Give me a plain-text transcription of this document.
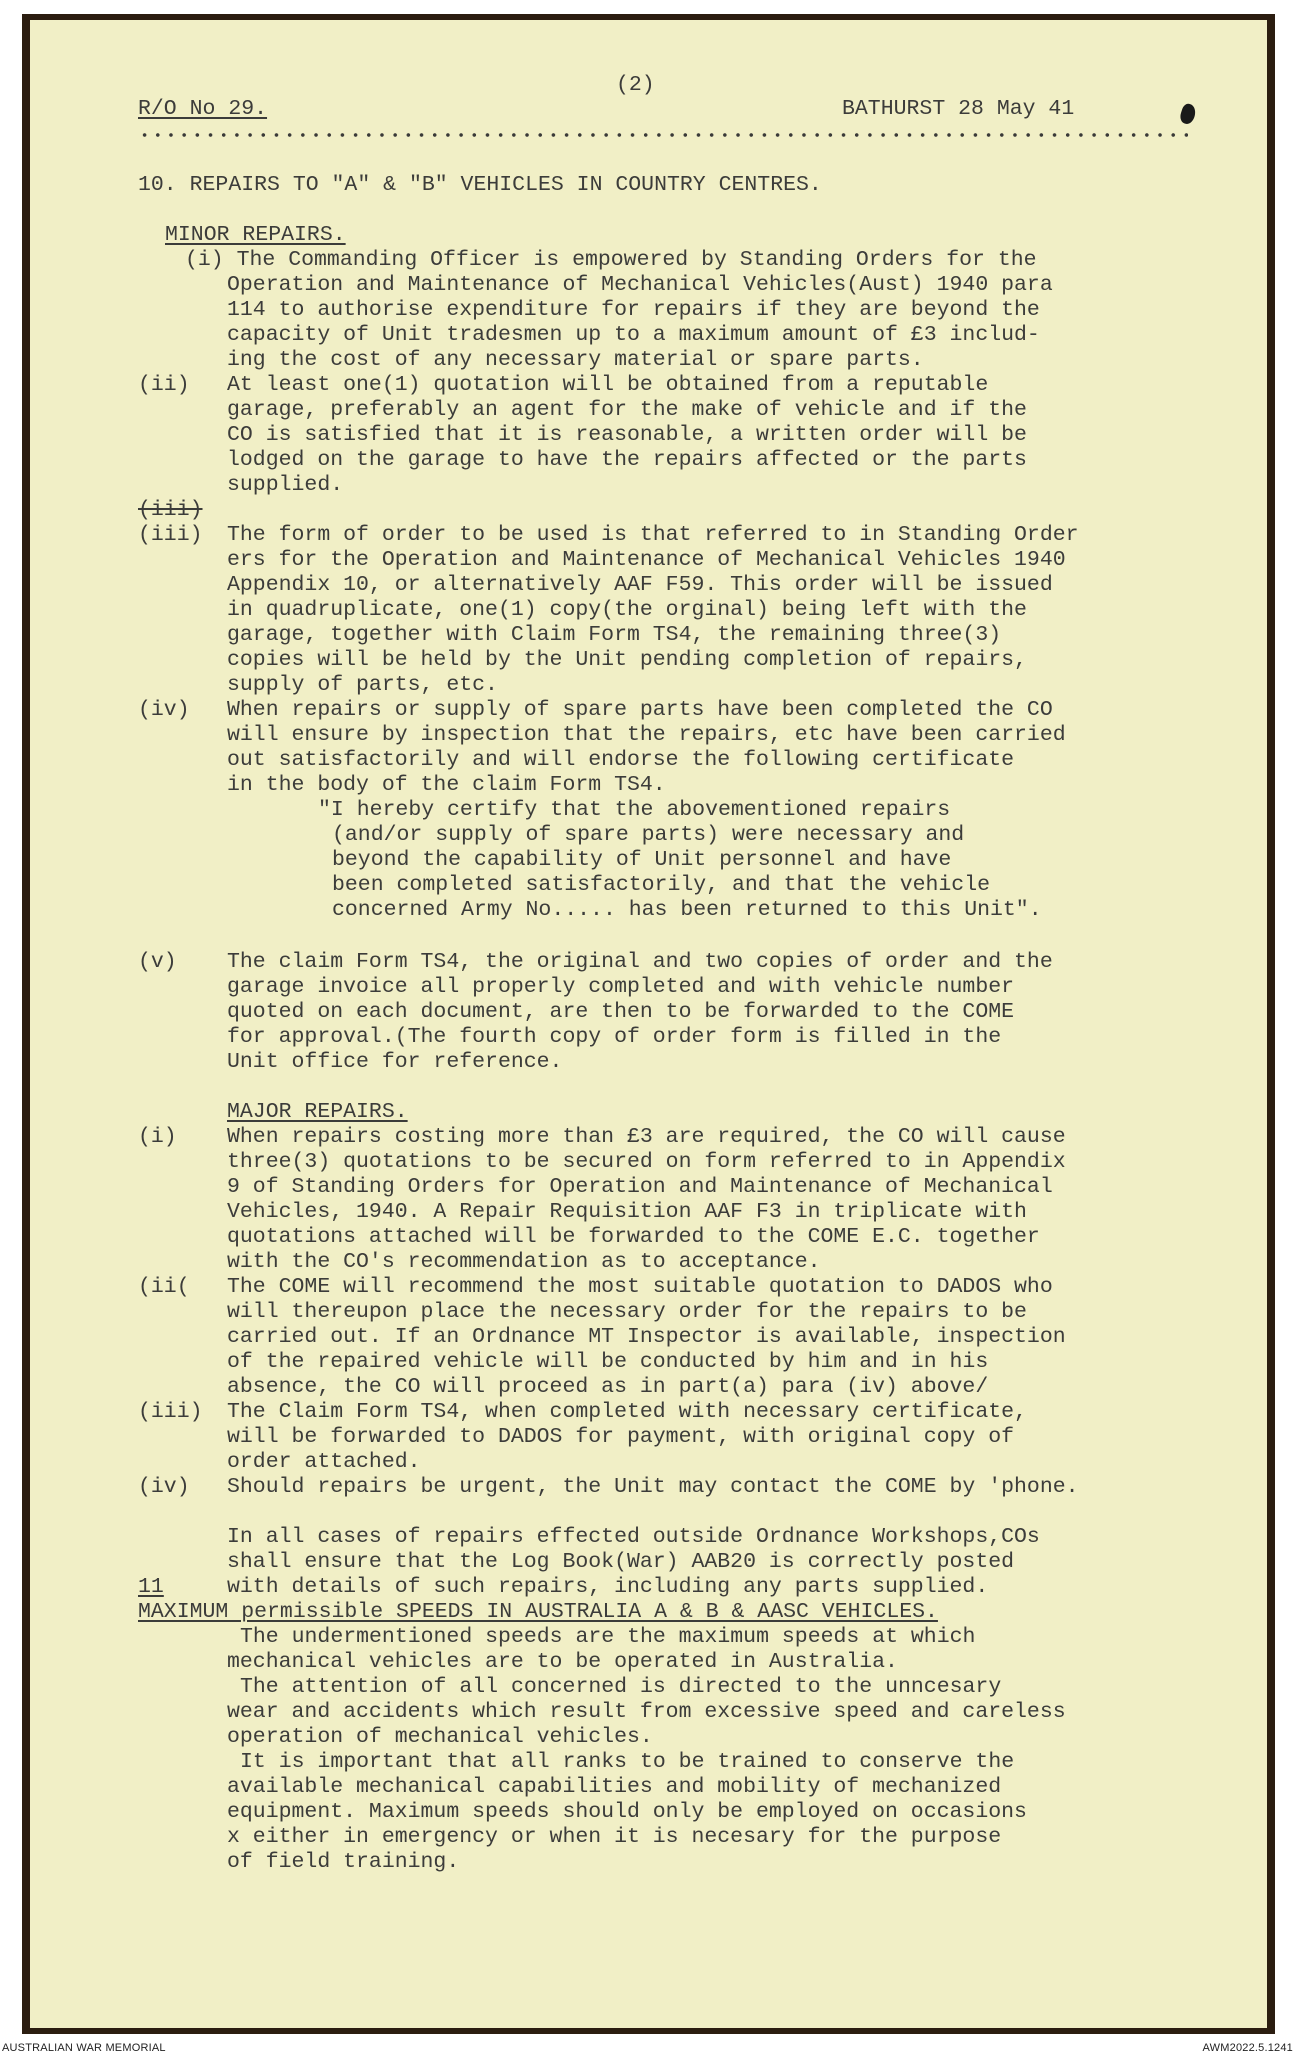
(2)
R/O No 29.	BATHURST 28 May 41
10. REPAIRS TO "A" & "B" VEHICLES IN COUNTRY CENTRES.
MINOR REPAIRS.
(i) The Commanding Officer is empowered by Standing Orders for the
Operation and Maintenance of Mechanical Vehicles(Aust) 1940 para
114 to authorise expenditure for repairs if they are beyond the
capacity of Unit tradesmen up to a maximum amount of £3 includ-
ing the cost of any necessary material or spare parts.
(ii) At least one(1) quotation will be obtained from a reputable
garage, preferably an agent for the make of vehicle and if the
CO is satisfied that it is reasonable, a written order will be
lodged on the garage to have the repairs affected or the parts
supplied.
(iii)
(iii) The form of order to be used is that referred to in Standing Order
ers for the Operation and Maintenance of Mechanical Vehicles 1940
Appendix 10, or alternatively AAF F59. This order will be issued
in quadruplicate, one(1) copy(the orginal) being left with the
garage, together with Claim Form TS4, the remaining three(3)
copies will be held by the Unit pending completion of repairs,
supply of parts, etc.
(iv) When repairs or supply of spare parts have been completed the CO
will ensure by inspection that the repairs, etc have been carried
out satisfactorily and will endorse the following certificate
in the body of the claim Form TS4.
"I hereby certify that the abovementioned repairs
(and/or supply of spare parts) were necessary and
beyond the capability of Unit personnel and have
been completed satisfactorily, and that the vehicle
concerned Army No..... has been returned to this Unit".
(v) The claim Form TS4, the original and two copies of order and the
garage invoice all properly completed and with vehicle number
quoted on each document, are then to be forwarded to the COME
for approval.(The fourth copy of order form is filled in the
Unit office for reference.
MAJOR REPAIRS.
(i) When repairs costing more than £3 are required, the CO will cause
three(3) quotations to be secured on form referred to in Appendix
9 of Standing Orders for Operation and Maintenance of Mechanical
Vehicles, 1940. A Repair Requisition AAF F3 in triplicate with
quotations attached will be forwarded to the COME E.C. together
with the CO's recommendation as to acceptance.
(ii( The COME will recommend the most suitable quotation to DADOS who
will thereupon place the necessary order for the repairs to be
carried out. If an Ordnance MT Inspector is available, inspection
of the repaired vehicle will be conducted by him and in his
absence, the CO will proceed as in part(a) para (iv) above/
(iii) The Claim Form TS4, when completed with necessary certificate,
will be forwarded to DADOS for payment, with original copy of
order attached.
(iv) Should repairs be urgent, the Unit may contact the COME by 'phone.
In all cases of repairs effected outside Ordnance Workshops,COs
shall ensure that the Log Book(War) AAB20 is correctly posted
11	with details of such repairs, including any parts supplied.
MAXIMUM permissible SPEEDS IN AUSTRALIA A & B & AASC VEHICLES.
The undermentioned speeds are the maximum speeds at which
mechanical vehicles are to be operated in Australia.
The attention of all concerned is directed to the unncesary
wear and accidents which result from excessive speed and careless
operation of mechanical vehicles.
It is important that all ranks to be trained to conserve the
available mechanical capabilities and mobility of mechanized
equipment. Maximum speeds should only be employed on occasions
x either in emergency or when it is necesary for the purpose
of field training.
AUSTRALIAN WAR MEMORIAL	AWM2022.5.1241
